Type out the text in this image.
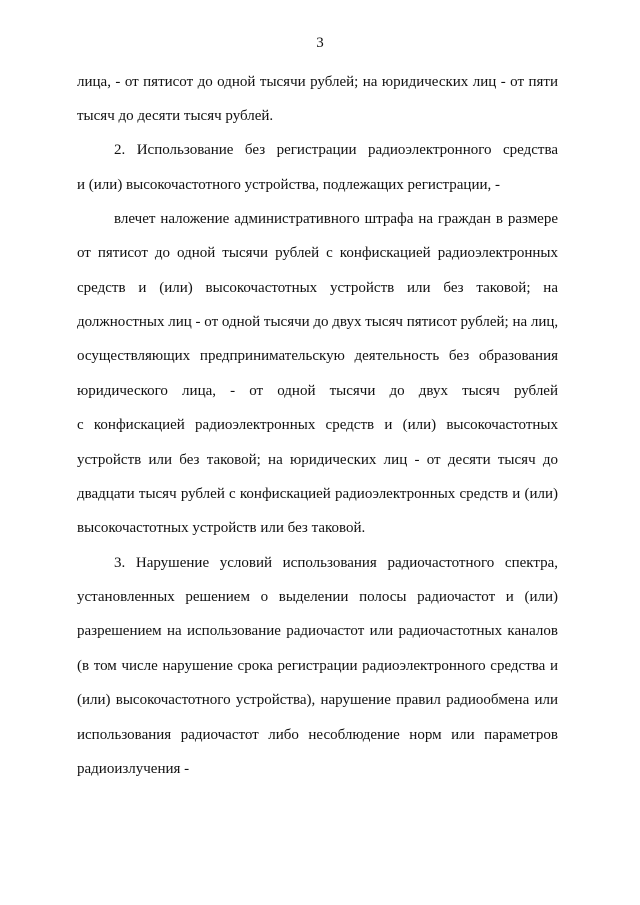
3
лица, - от пятисот до одной тысячи рублей; на юридических лиц - от пяти
тысяч до десяти тысяч рублей.
2. Использование без регистрации радиоэлектронного средства
и (или) высокочастотного устройства, подлежащих регистрации, -
влечет наложение административного штрафа на граждан в размере
от пятисот до одной тысячи рублей с конфискацией радиоэлектронных
средств и (или) высокочастотных устройств или без таковой; на
должностных лиц - от одной тысячи до двух тысяч пятисот рублей; на лиц,
осуществляющих предпринимательскую деятельность без образования
юридического лица, - от одной тысячи до двух тысяч рублей
с конфискацией радиоэлектронных средств и (или) высокочастотных
устройств или без таковой; на юридических лиц - от десяти тысяч до
двадцати тысяч рублей с конфискацией радиоэлектронных средств и (или)
высокочастотных устройств или без таковой.
3. Нарушение условий использования радиочастотного спектра,
установленных решением о выделении полосы радиочастот и (или)
разрешением на использование радиочастот или радиочастотных каналов
(в том числе нарушение срока регистрации радиоэлектронного средства и
(или) высокочастотного устройства), нарушение правил радиообмена или
использования радиочастот либо несоблюдение норм или параметров
радиоизлучения -
